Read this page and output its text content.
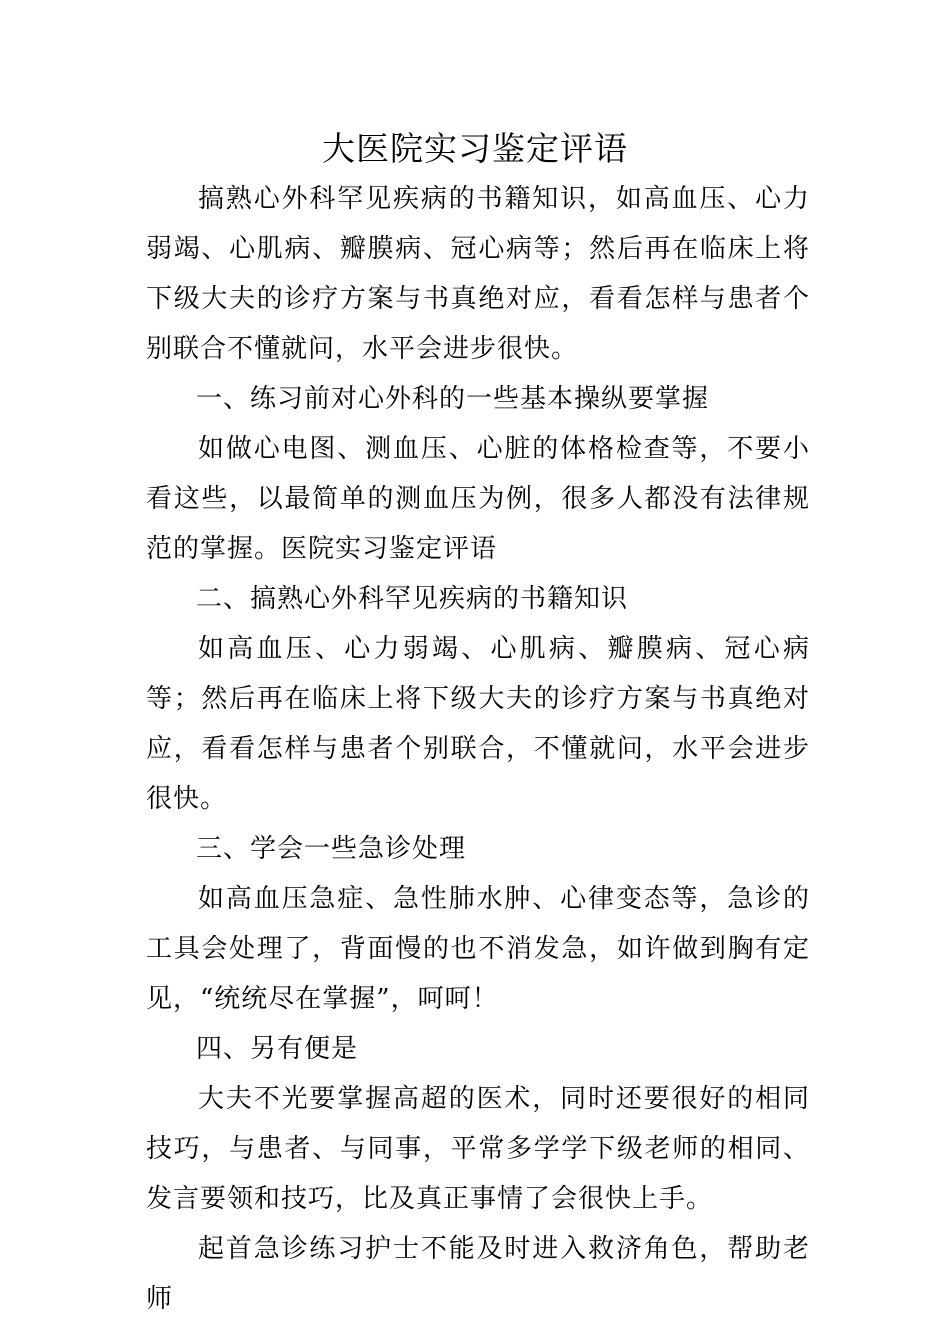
大医院实习鉴定评语

搞熟心外科罕见疾病的书籍知识，如高血压、心力弱竭、心肌病、瓣膜病、冠心病等；然后再在临床上将下级大夫的诊疗方案与书真绝对应，看看怎样与患者个别联合不懂就问，水平会进步很快。

一、练习前对心外科的一些基本操纵要掌握

如做心电图、测血压、心脏的体格检查等，不要小看这些，以最简单的测血压为例，很多人都没有法律规范的掌握。医院实习鉴定评语

二、搞熟心外科罕见疾病的书籍知识

如高血压、心力弱竭、心肌病、瓣膜病、冠心病等；然后再在临床上将下级大夫的诊疗方案与书真绝对应，看看怎样与患者个别联合，不懂就问，水平会进步很快。

三、学会一些急诊处理

如高血压急症、急性肺水肿、心律变态等，急诊的工具会处理了，背面慢的也不消发急，如许做到胸有定见，“统统尽在掌握”，呵呵！

四、另有便是

大夫不光要掌握高超的医术，同时还要很好的相同技巧，与患者、与同事，平常多学学下级老师的相同、发言要领和技巧，比及真正事情了会很快上手。

起首急诊练习护士不能及时进入救济角色，帮助老师
